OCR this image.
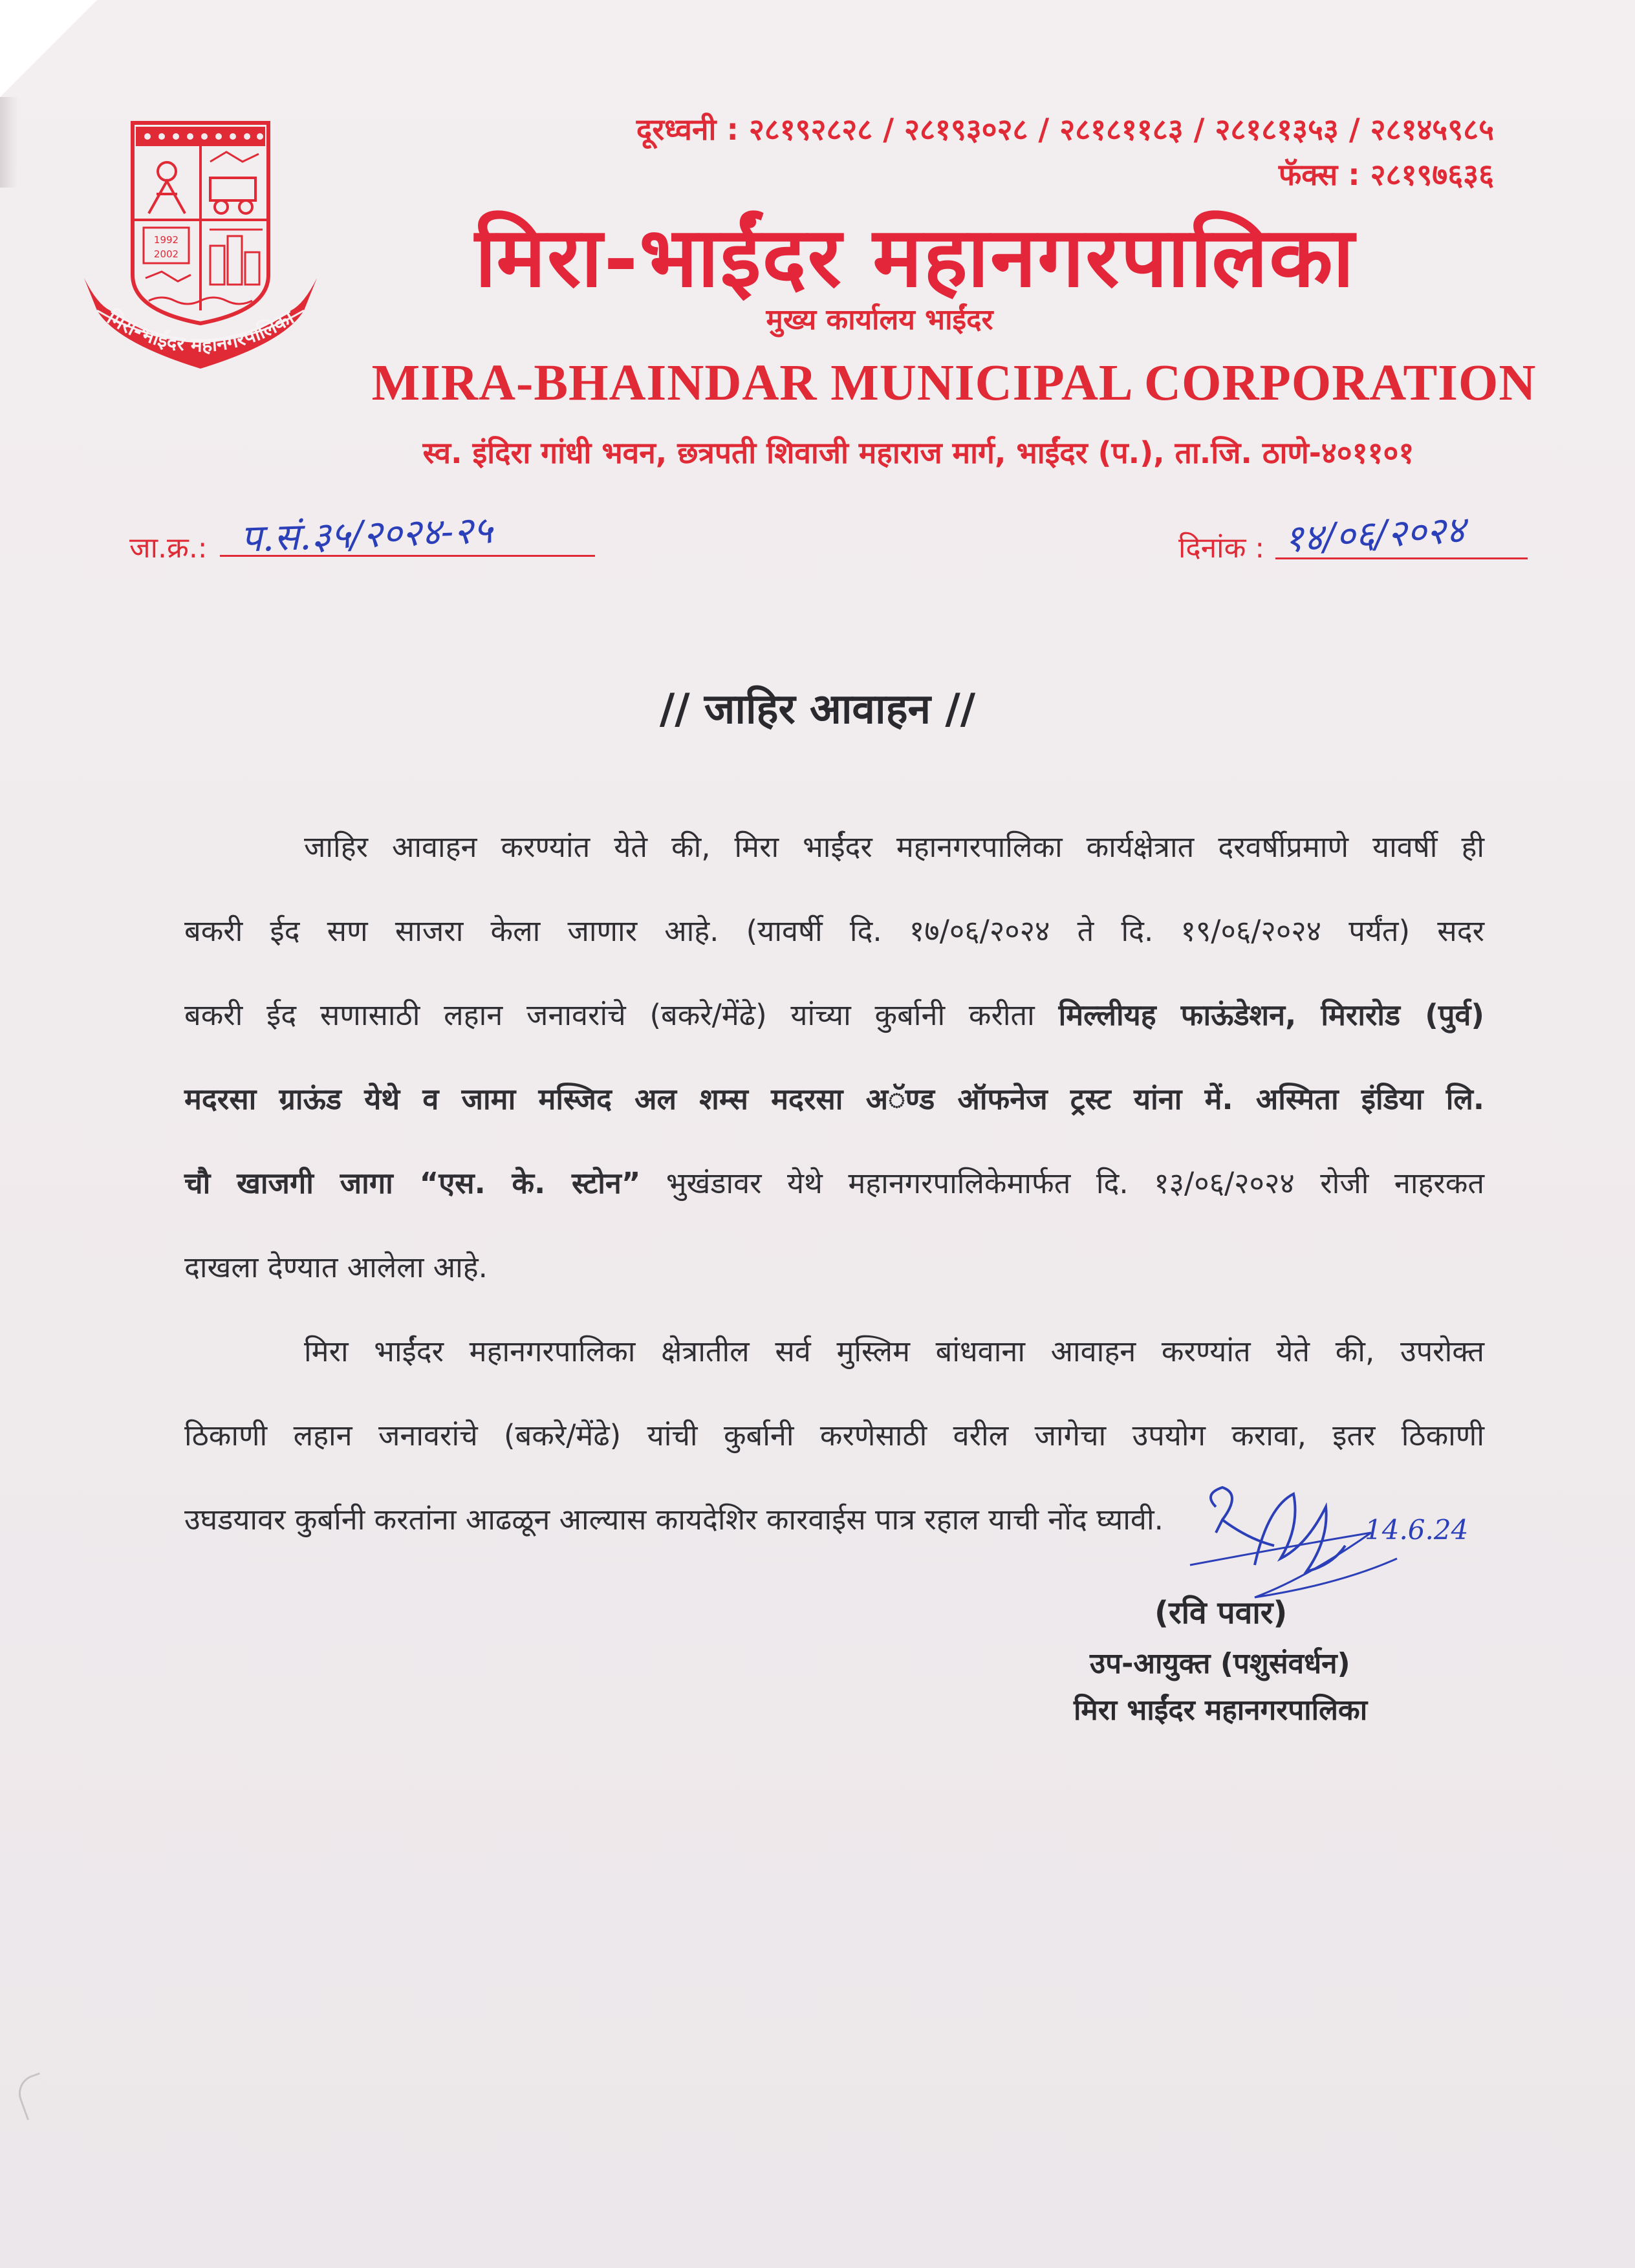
दूरध्वनी : २८१९२८२८ / २८१९३०२८ / २८१८११८३ / २८१८१३५३ / २८१४५९८५
फॅक्स : २८१९७६३६
1992
2002
मिरा-भाईंदर महानगरपालिका
मिरा-भाईंदर महानगरपालिका
मुख्य कार्यालय भाईंदर
MIRA-BHAINDAR MUNICIPAL CORPORATION
स्व. इंदिरा गांधी भवन, छत्रपती शिवाजी महाराज मार्ग, भाईंदर (प.), ता.जि. ठाणे-४०११०१
जा.क्र.: प.सं.३५/२०२४-२५	दिनांक : १४/०६/२०२४
// जाहिर आवाहन //
जाहिर आवाहन करण्यांत येते की, मिरा भाईंदर महानगरपालिका कार्यक्षेत्रात दरवर्षीप्रमाणे यावर्षी ही
बकरी ईद सण साजरा केला जाणार आहे. (यावर्षी दि. १७/०६/२०२४ ते दि. १९/०६/२०२४ पर्यंत) सदर
बकरी ईद सणासाठी लहान जनावरांचे (बकरे/मेंढे) यांच्या कुर्बानी करीता मिल्लीयह फाऊंडेशन, मिरारोड (पुर्व)
मदरसा ग्राऊंड येथे व जामा मस्जिद अल शम्स मदरसा अॅण्ड ऑफनेज ट्रस्ट यांना में. अस्मिता इंडिया लि.
चौ खाजगी जागा “एस. के. स्टोन” भुखंडावर येथे महानगरपालिकेमार्फत दि. १३/०६/२०२४ रोजी नाहरकत
दाखला देण्यात आलेला आहे.
मिरा भाईंदर महानगरपालिका क्षेत्रातील सर्व मुस्लिम बांधवाना आवाहन करण्यांत येते की, उपरोक्त
ठिकाणी लहान जनावरांचे (बकरे/मेंढे) यांची कुर्बानी करणेसाठी वरील जागेचा उपयोग करावा, इतर ठिकाणी
उघडयावर कुर्बानी करतांना आढळून आल्यास कायदेशिर कारवाईस पात्र रहाल याची नोंद घ्यावी.	14.6.24
(रवि पवार)
उप-आयुक्त (पशुसंवर्धन)
मिरा भाईंदर महानगरपालिका
